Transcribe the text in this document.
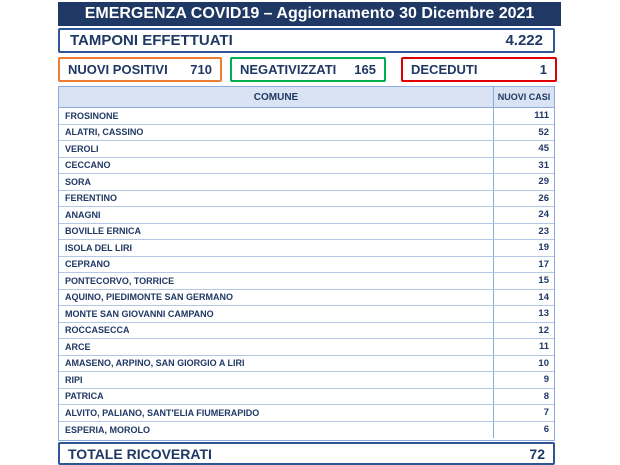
EMERGENZA COVID19 – Aggiornamento 30 Dicembre 2021
TAMPONI EFFETTUATI	4.222
NUOVI POSITIVI 710 NEGATIVIZZATI 165	DECEDUTI	1
COMUNE	NUOVI CASI
FROSINONE	111
ALATRI, CASSINO	52
VEROLI	45
CECCANO	31
SORA	29
FERENTINO	26
ANAGNI	24
BOVILLE ERNICA	23
ISOLA DEL LIRI	19
CEPRANO	17
PONTECORVO, TORRICE	15
AQUINO, PIEDIMONTE SAN GERMANO	14
MONTE SAN GIOVANNI CAMPANO	13
ROCCASECCA	12
ARCE	11
AMASENO, ARPINO, SAN GIORGIO A LIRI	10
RIPI	9
PATRICA	8
ALVITO, PALIANO, SANT'ELIA FIUMERAPIDO	7
ESPERIA, MOROLO	6
TOTALE RICOVERATI	72
